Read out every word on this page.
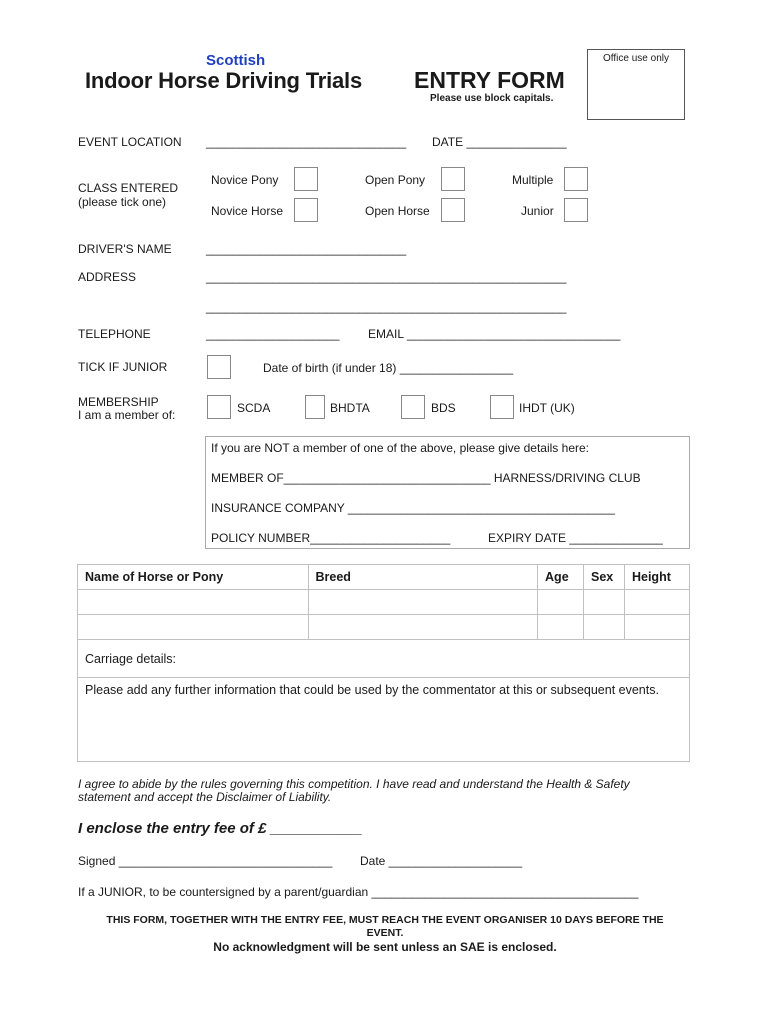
Scottish
Indoor Horse Driving Trials ENTRY FORM
Please use block capitals.
Office use only
EVENT LOCATION ______________________________ DATE _______________
CLASS ENTERED
(please tick one)
Novice Pony	Open Pony	Multiple
Novice Horse	Open Horse	Junior
DRIVER'S NAME	______________________________
ADDRESS	______________________________________________________
______________________________________________________
TELEPHONE	____________________ EMAIL ________________________________
TICK IF JUNIOR	Date of birth (if under 18) _________________
MEMBERSHIP
I am a member of:	SCDA	BHDTA	BDS	IHDT (UK)
If you are NOT a member of one of the above, please give details here:
MEMBER OF_______________________________ HARNESS/DRIVING CLUB
INSURANCE COMPANY ________________________________________
POLICY NUMBER_____________________	EXPIRY DATE ______________
Name of Horse or Pony	Breed	Age	Sex	Height

Carriage details:				
Please add any further information that could be used by the commentator at this or subsequent events.				
I agree to abide by the rules governing this competition. I have read and understand the Health & Safety
statement and accept the Disclaimer of Liability.
I enclose the entry fee of £ ___________
Signed ________________________________ Date ____________________
If a JUNIOR, to be countersigned by a parent/guardian ________________________________________
THIS FORM, TOGETHER WITH THE ENTRY FEE, MUST REACH THE EVENT ORGANISER 10 DAYS BEFORE THE
EVENT.
No acknowledgment will be sent unless an SAE is enclosed.
